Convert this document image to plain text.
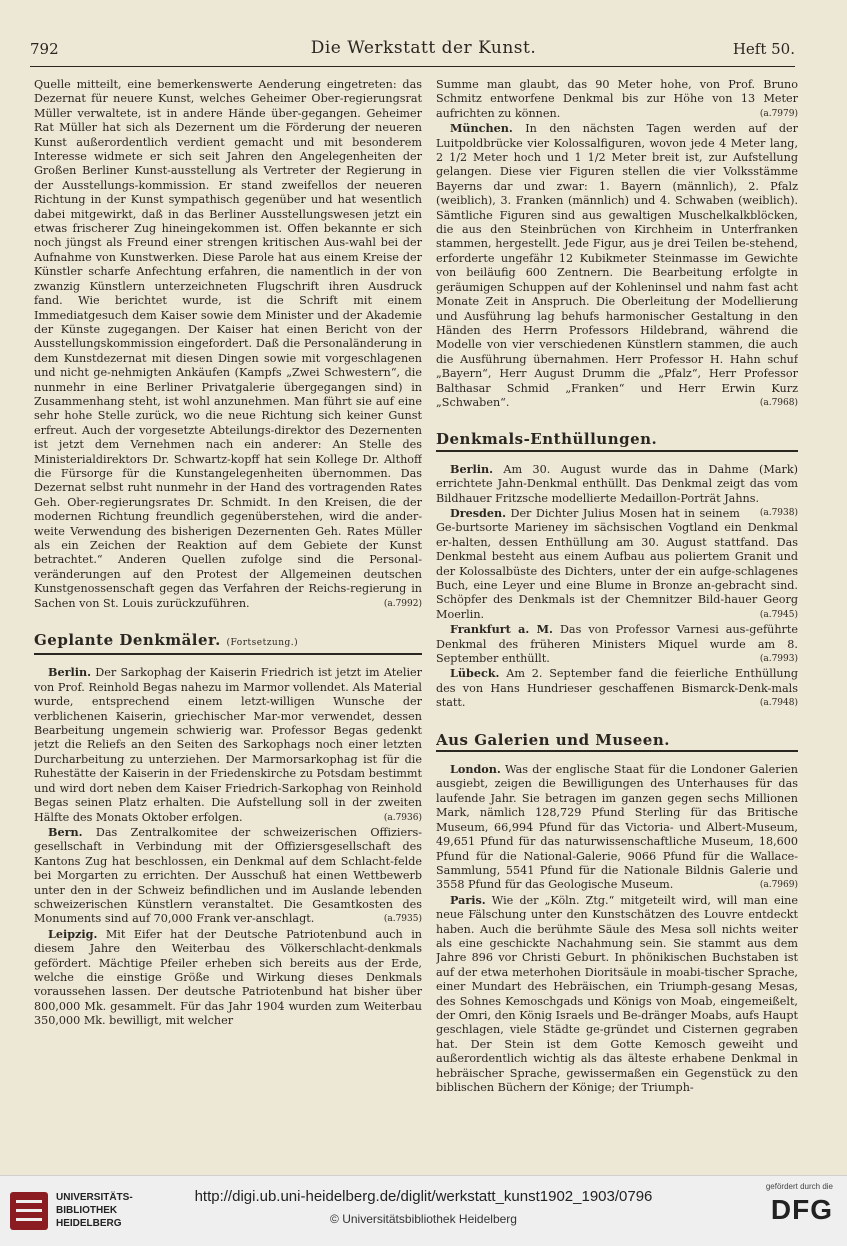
792	Die Werkstatt der Kunst.	Heft 50.

Quelle mitteilt, eine bemerkenswerte Aenderung eingetreten: das Dezernat für neuere Kunst, welches Geheimer Ober-regierungsrat Müller verwaltete, ist in andere Hände über-gegangen. Geheimer Rat Müller hat sich als Dezernent um die Förderung der neueren Kunst außerordentlich verdient gemacht und mit besonderem Interesse widmete er sich seit Jahren den Angelegenheiten der Großen Berliner Kunst-ausstellung als Vertreter der Regierung in der Ausstellungs-kommission. Er stand zweifellos der neueren Richtung in der Kunst sympathisch gegenüber und hat wesentlich dabei mitgewirkt, daß in das Berliner Ausstellungswesen jetzt ein etwas frischerer Zug hineingekommen ist. Offen bekannte er sich noch jüngst als Freund einer strengen kritischen Aus-wahl bei der Aufnahme von Kunstwerken. Diese Parole hat aus einem Kreise der Künstler scharfe Anfechtung erfahren, die namentlich in der von zwanzig Künstlern unterzeichneten Flugschrift ihren Ausdruck fand. Wie berichtet wurde, ist die Schrift mit einem Immediatgesuch dem Kaiser sowie dem Minister und der Akademie der Künste zugegangen. Der Kaiser hat einen Bericht von der Ausstellungskommission eingefordert. Daß die Personaländerung in dem Kunstdezernat mit diesen Dingen sowie mit vorgeschlagenen und nicht ge-nehmigten Ankäufen (Kampfs „Zwei Schwestern“, die nunmehr in eine Berliner Privatgalerie übergegangen sind) in Zusammenhang steht, ist wohl anzunehmen. Man führt sie auf eine sehr hohe Stelle zurück, wo die neue Richtung sich keiner Gunst erfreut. Auch der vorgesetzte Abteilungs-direktor des Dezernenten ist jetzt dem Vernehmen nach ein anderer: An Stelle des Ministerialdirektors Dr. Schwartz-kopff hat sein Kollege Dr. Althoff die Fürsorge für die Kunstangelegenheiten übernommen. Das Dezernat selbst ruht nunmehr in der Hand des vortragenden Rates Geh. Ober-regierungsrates Dr. Schmidt. In den Kreisen, die der modernen Richtung freundlich gegenüberstehen, wird die ander-weite Verwendung des bisherigen Dezernenten Geh. Rates Müller als ein Zeichen der Reaktion auf dem Gebiete der Kunst betrachtet.“ Anderen Quellen zufolge sind die Personal-veränderungen auf den Protest der Allgemeinen deutschen Kunstgenossenschaft gegen das Verfahren der Reichs-regierung in Sachen von St. Louis zurückzuführen.	(a.7992)

Geplante Denkmäler. (Fortsetzung.)

Berlin. Der Sarkophag der Kaiserin Friedrich ist jetzt im Atelier von Prof. Reinhold Begas nahezu im Marmor vollendet. Als Material wurde, entsprechend einem letzt-willigen Wunsche der verblichenen Kaiserin, griechischer Mar-mor verwendet, dessen Bearbeitung ungemein schwierig war. Professor Begas gedenkt jetzt die Reliefs an den Seiten des Sarkophags noch einer letzten Durcharbeitung zu unterziehen. Der Marmorsarkophag ist für die Ruhestätte der Kaiserin in der Friedenskirche zu Potsdam bestimmt und wird dort neben dem Kaiser Friedrich-Sarkophag von Reinhold Begas seinen Platz erhalten. Die Aufstellung soll in der zweiten Hälfte des Monats Oktober erfolgen.	(a.7936)

Bern. Das Zentralkomitee der schweizerischen Offiziers-gesellschaft in Verbindung mit der Offiziersgesellschaft des Kantons Zug hat beschlossen, ein Denkmal auf dem Schlacht-felde bei Morgarten zu errichten. Der Ausschuß hat einen Wettbewerb unter den in der Schweiz befindlichen und im Auslande lebenden schweizerischen Künstlern veranstaltet. Die Gesamtkosten des Monuments sind auf 70,000 Frank ver-anschlagt.	(a.7935)

Leipzig. Mit Eifer hat der Deutsche Patriotenbund auch in diesem Jahre den Weiterbau des Völkerschlacht-denkmals gefördert. Mächtige Pfeiler erheben sich bereits aus der Erde, welche die einstige Größe und Wirkung dieses Denkmals voraussehen lassen. Der deutsche Patriotenbund hat bisher über 800,000 Mk. gesammelt. Für das Jahr 1904 wurden zum Weiterbau 350,000 Mk. bewilligt, mit welcher

Summe man glaubt, das 90 Meter hohe, von Prof. Bruno Schmitz entworfene Denkmal bis zur Höhe von 13 Meter aufrichten zu können.	(a.7979)

München. In den nächsten Tagen werden auf der Luitpoldbrücke vier Kolossalfiguren, wovon jede 4 Meter lang, 2 1/2 Meter hoch und 1 1/2 Meter breit ist, zur Aufstellung gelangen. Diese vier Figuren stellen die vier Volksstämme Bayerns dar und zwar: 1. Bayern (männlich), 2. Pfalz (weiblich), 3. Franken (männlich) und 4. Schwaben (weiblich). Sämtliche Figuren sind aus gewaltigen Muschelkalkblöcken, die aus den Steinbrüchen von Kirchheim in Unterfranken stammen, hergestellt. Jede Figur, aus je drei Teilen be-stehend, erforderte ungefähr 12 Kubikmeter Steinmasse im Gewichte von beiläufig 600 Zentnern. Die Bearbeitung erfolgte in geräumigen Schuppen auf der Kohleninsel und nahm fast acht Monate Zeit in Anspruch. Die Oberleitung der Modellierung und Ausführung lag behufs harmonischer Gestaltung in den Händen des Herrn Professors Hildebrand, während die Modelle von vier verschiedenen Künstlern stammen, die auch die Ausführung übernahmen. Herr Professor H. Hahn schuf „Bayern“, Herr August Drumm die „Pfalz“, Herr Professor Balthasar Schmid „Franken“ und Herr Erwin Kurz „Schwaben“.	(a.7968)

Denkmals-Enthüllungen.

Berlin. Am 30. August wurde das in Dahme (Mark) errichtete Jahn-Denkmal enthüllt. Das Denkmal zeigt das vom Bildhauer Fritzsche modellierte Medaillon-Porträt Jahns.
(a.7938)

Dresden. Der Dichter Julius Mosen hat in seinem Ge-burtsorte Marieney im sächsischen Vogtland ein Denkmal er-halten, dessen Enthüllung am 30. August stattfand. Das Denkmal besteht aus einem Aufbau aus poliertem Granit und der Kolossalbüste des Dichters, unter der ein aufge-schlagenes Buch, eine Leyer und eine Blume in Bronze an-gebracht sind. Schöpfer des Denkmals ist der Chemnitzer Bild-hauer Georg Moerlin.	(a.7945)

Frankfurt a. M. Das von Professor Varnesi aus-geführte Denkmal des früheren Ministers Miquel wurde am 8. September enthüllt.	(a.7993)

Lübeck. Am 2. September fand die feierliche Enthüllung des von Hans Hundrieser geschaffenen Bismarck-Denk-mals statt.	(a.7948)

Aus Galerien und Museen.

London. Was der englische Staat für die Londoner Galerien ausgiebt, zeigen die Bewilligungen des Unterhauses für das laufende Jahr. Sie betragen im ganzen gegen sechs Millionen Mark, nämlich 128,729 Pfund Sterling für das Britische Museum, 66,994 Pfund für das Victoria- und Albert-Museum, 49,651 Pfund für das naturwissenschaftliche Museum, 18,600 Pfund für die National-Galerie, 9066 Pfund für die Wallace-Sammlung, 5541 Pfund für die Nationale Bildnis Galerie und 3558 Pfund für das Geologische Museum.	(a.7969)

Paris. Wie der „Köln. Ztg.“ mitgeteilt wird, will man eine neue Fälschung unter den Kunstschätzen des Louvre entdeckt haben. Auch die berühmte Säule des Mesa soll nichts weiter als eine geschickte Nachahmung sein. Sie stammt aus dem Jahre 896 vor Christi Geburt. In phönikischen Buchstaben ist auf der etwa meterhohen Dioritsäule in moabi-tischer Sprache, einer Mundart des Hebräischen, ein Triumph-gesang Mesas, des Sohnes Kemoschgads und Königs von Moab, eingemeißelt, der Omri, den König Israels und Be-dränger Moabs, aufs Haupt geschlagen, viele Städte ge-gründet und Cisternen gegraben hat. Der Stein ist dem Gotte Kemosch geweiht und außerordentlich wichtig als das älteste erhabene Denkmal in hebräischer Sprache, gewissermaßen ein Gegenstück zu den biblischen Büchern der Könige; der Triumph-

UNIVERSITÄTS-
BIBLIOTHEK
HEIDELBERG
http://digi.ub.uni-heidelberg.de/diglit/werkstatt_kunst1902_1903/0796
© Universitätsbibliothek Heidelberg
gefördert durch die
DFG
